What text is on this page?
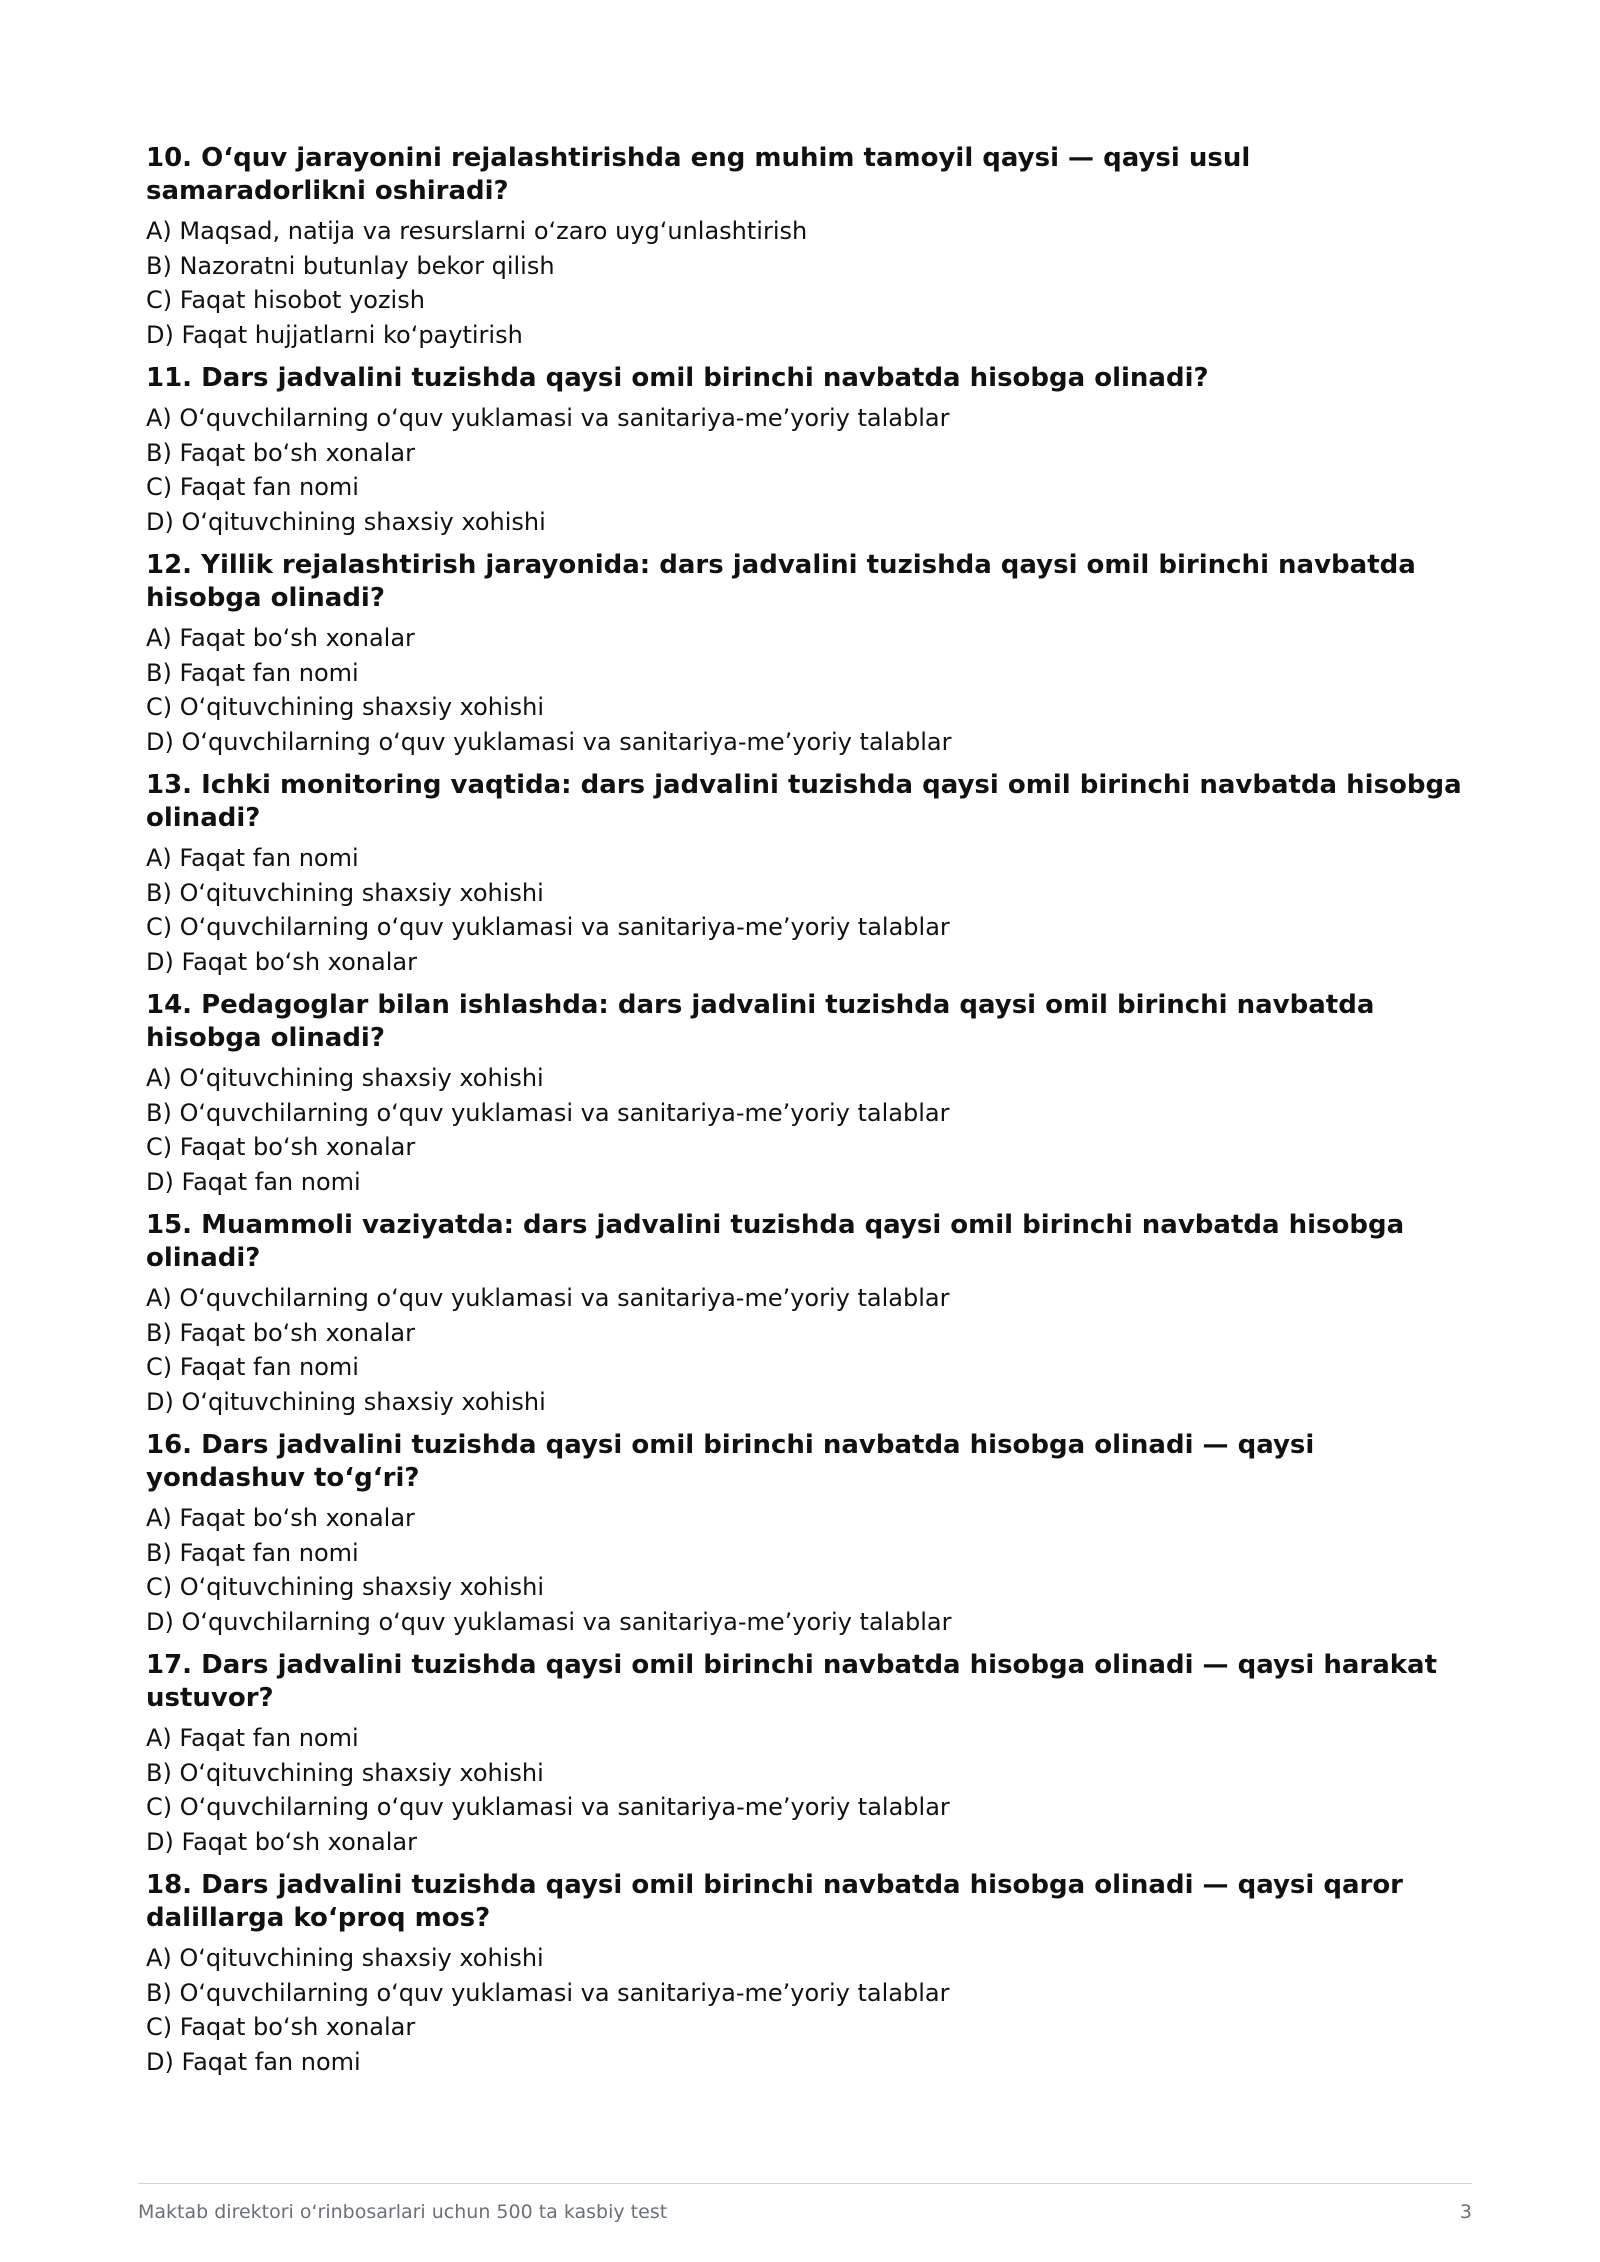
10. O‘quv jarayonini rejalashtirishda eng muhim tamoyil qaysi — qaysi usul samaradorlikni oshiradi?
A) Maqsad, natija va resurslarni o‘zaro uyg‘unlashtirish
B) Nazoratni butunlay bekor qilish
C) Faqat hisobot yozish
D) Faqat hujjatlarni ko‘paytirish
11. Dars jadvalini tuzishda qaysi omil birinchi navbatda hisobga olinadi?
A) O‘quvchilarning o‘quv yuklamasi va sanitariya-me’yoriy talablar
B) Faqat bo‘sh xonalar
C) Faqat fan nomi
D) O‘qituvchining shaxsiy xohishi
12. Yillik rejalashtirish jarayonida: dars jadvalini tuzishda qaysi omil birinchi navbatda hisobga olinadi?
A) Faqat bo‘sh xonalar
B) Faqat fan nomi
C) O‘qituvchining shaxsiy xohishi
D) O‘quvchilarning o‘quv yuklamasi va sanitariya-me’yoriy talablar
13. Ichki monitoring vaqtida: dars jadvalini tuzishda qaysi omil birinchi navbatda hisobga olinadi?
A) Faqat fan nomi
B) O‘qituvchining shaxsiy xohishi
C) O‘quvchilarning o‘quv yuklamasi va sanitariya-me’yoriy talablar
D) Faqat bo‘sh xonalar
14. Pedagoglar bilan ishlashda: dars jadvalini tuzishda qaysi omil birinchi navbatda hisobga olinadi?
A) O‘qituvchining shaxsiy xohishi
B) O‘quvchilarning o‘quv yuklamasi va sanitariya-me’yoriy talablar
C) Faqat bo‘sh xonalar
D) Faqat fan nomi
15. Muammoli vaziyatda: dars jadvalini tuzishda qaysi omil birinchi navbatda hisobga olinadi?
A) O‘quvchilarning o‘quv yuklamasi va sanitariya-me’yoriy talablar
B) Faqat bo‘sh xonalar
C) Faqat fan nomi
D) O‘qituvchining shaxsiy xohishi
16. Dars jadvalini tuzishda qaysi omil birinchi navbatda hisobga olinadi — qaysi yondashuv to‘g‘ri?
A) Faqat bo‘sh xonalar
B) Faqat fan nomi
C) O‘qituvchining shaxsiy xohishi
D) O‘quvchilarning o‘quv yuklamasi va sanitariya-me’yoriy talablar
17. Dars jadvalini tuzishda qaysi omil birinchi navbatda hisobga olinadi — qaysi harakat ustuvor?
A) Faqat fan nomi
B) O‘qituvchining shaxsiy xohishi
C) O‘quvchilarning o‘quv yuklamasi va sanitariya-me’yoriy talablar
D) Faqat bo‘sh xonalar
18. Dars jadvalini tuzishda qaysi omil birinchi navbatda hisobga olinadi — qaysi qaror dalillarga ko‘proq mos?
A) O‘qituvchining shaxsiy xohishi
B) O‘quvchilarning o‘quv yuklamasi va sanitariya-me’yoriy talablar
C) Faqat bo‘sh xonalar
D) Faqat fan nomi
Maktab direktori o‘rinbosarlari uchun 500 ta kasbiy test	3
